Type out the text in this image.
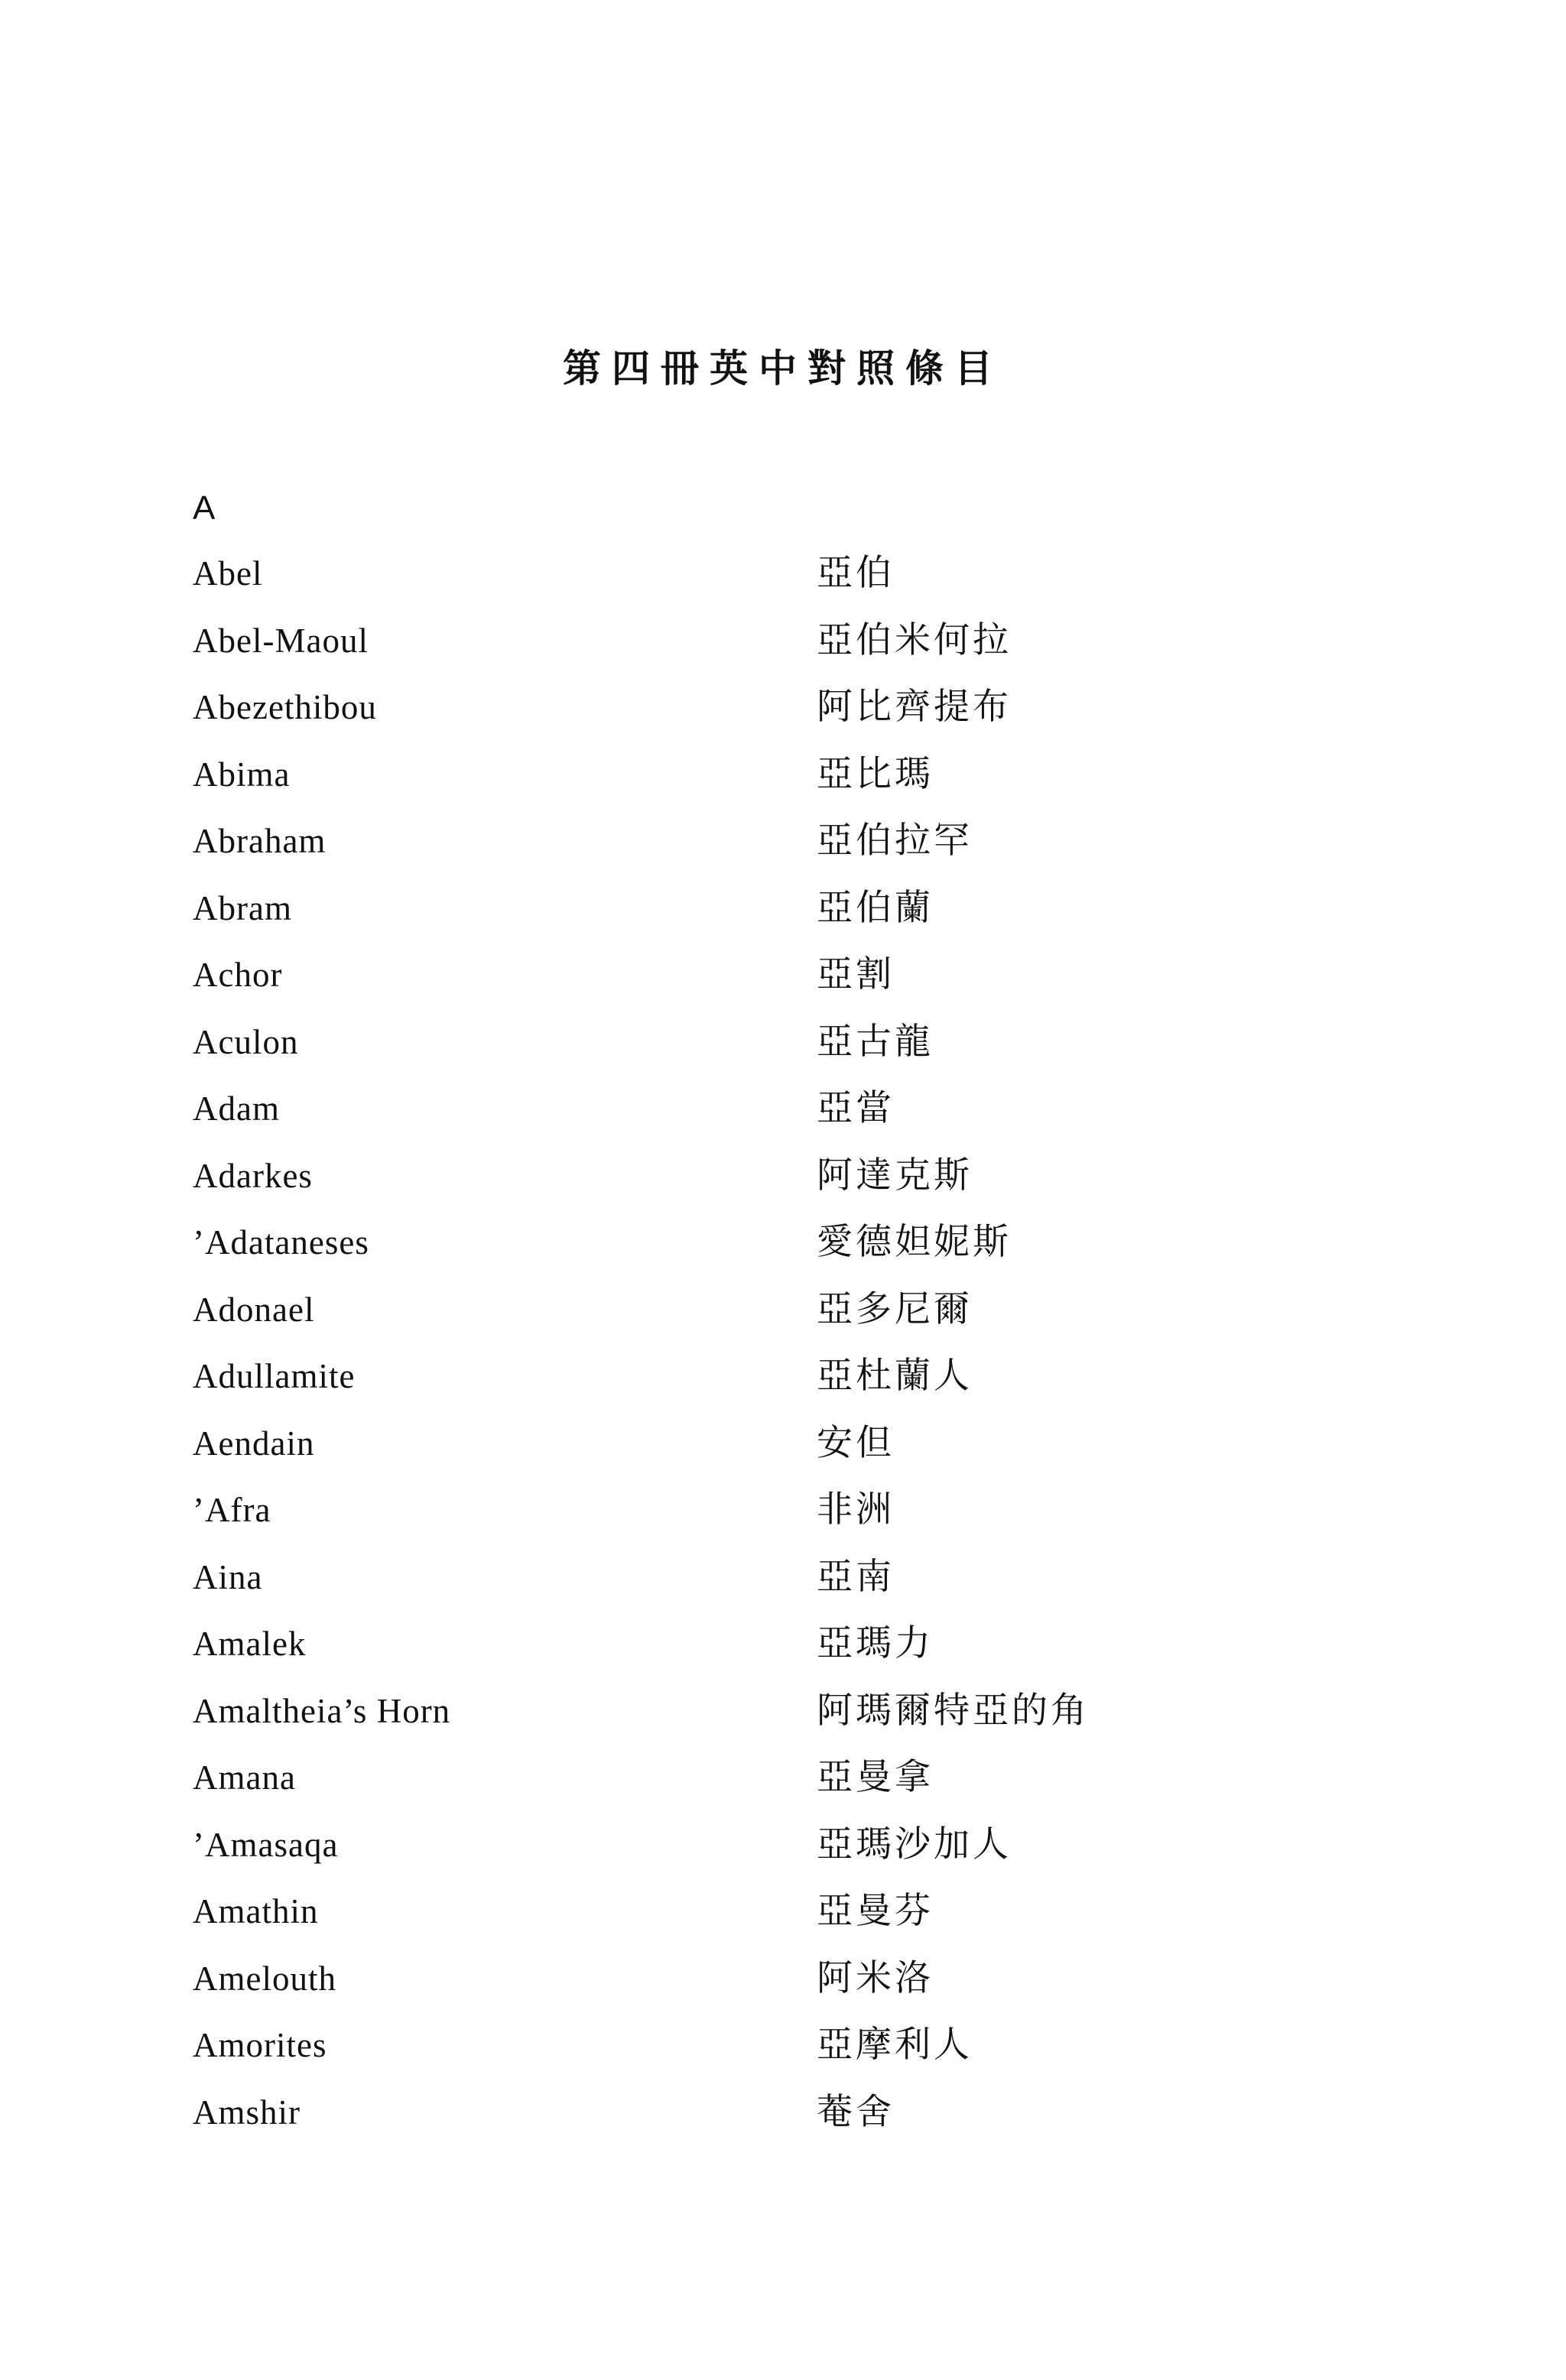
第四冊英中對照條目
A
Abel	亞伯
Abel-Maoul	亞伯米何拉
Abezethibou	阿比齊提布
Abima	亞比瑪
Abraham	亞伯拉罕
Abram	亞伯蘭
Achor	亞割
Aculon	亞古龍
Adam	亞當
Adarkes	阿達克斯
’Adataneses	愛德妲妮斯
Adonael	亞多尼爾
Adullamite	亞杜蘭人
Aendain	安但
’Afra	非洲
Aina	亞南
Amalek	亞瑪力
Amaltheia’s Horn	阿瑪爾特亞的角
Amana	亞曼拿
’Amasaqa	亞瑪沙加人
Amathin	亞曼芬
Amelouth	阿米洛
Amorites	亞摩利人
Amshir	菴舍
